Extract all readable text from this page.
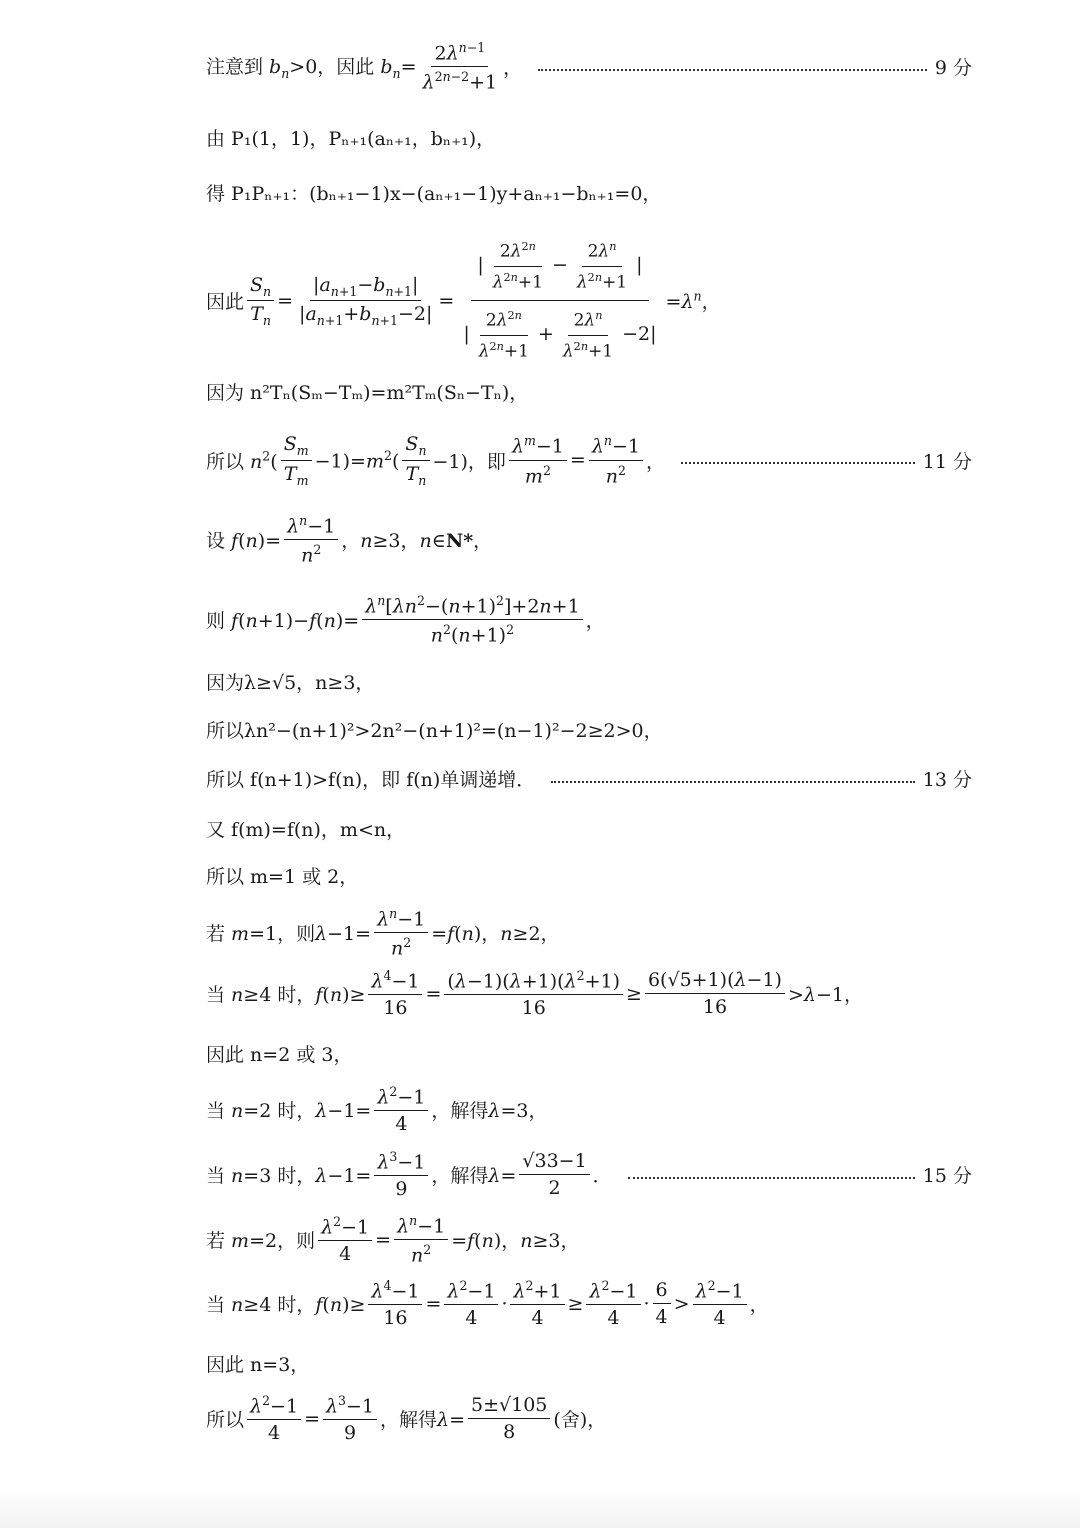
注意到 $b_n>0$，因此 $b_n= \frac{2\lambda^{n-1}}{\lambda^{2n-2}+1}$ ，	9 分
由 P₁(1，1)，Pₙ₊₁(aₙ₊₁，bₙ₊₁)，
得 P₁Pₙ₊₁：(bₙ₊₁−1)x−(aₙ₊₁−1)y+aₙ₊₁−bₙ₊₁=0，
因此 $\frac{S_n}{T_n} = \frac{|a_{n+1}-b_{n+1}|}{|a_{n+1}+b_{n+1}-2|} = \frac{| \frac{2\lambda^{2n}}{\lambda^{2n}+1} - \frac{2\lambda^n}{\lambda^{2n}+1} |}{| \frac{2\lambda^{2n}}{\lambda^{2n}+1} + \frac{2\lambda^n}{\lambda^{2n}+1} -2|} =\lambda^n$，
因为 n²Tₙ(Sₘ−Tₘ)=m²Tₘ(Sₙ−Tₙ)，
所以 $n^2( \frac{S_m}{T_m} -1)=m^2( \frac{S_n}{T_n} -1)$，即 $\frac{\lambda^m-1}{m^2} = \frac{\lambda^n-1}{n^2}$ ，	11 分
设 $f(n)= \frac{\lambda^n-1}{n^2}$ ，n≥3，n∈N*，
则 $f(n+1)-f(n)= \frac{\lambda^n[\lambda n^2-(n+1)^2]+2n+1}{n^2(n+1)^2}$ ，
因为λ≥√5，n≥3，
所以λn²−(n+1)²>2n²−(n+1)²=(n−1)²−2≥2>0，
所以 f(n+1)>f(n)，即 f(n)单调递增．	13 分
又 f(m)=f(n)，m<n，
所以 m=1 或 2，
若 m=1，则$\lambda-1= \frac{\lambda^n-1}{n^2} =f(n)$，n≥2，
当 n≥4 时，$f(n)\ge \frac{\lambda^4-1}{16} = \frac{(\lambda-1)(\lambda+1)(\lambda^2+1)}{16} \ge \frac{6(√5+1)(\lambda-1)}{16} >\lambda-1$，
因此 n=2 或 3，
当 n=2 时，$\lambda-1= \frac{\lambda^2-1}{4}$ ，解得λ=3，
当 n=3 时，$\lambda-1= \frac{\lambda^3-1}{9}$ ，解得$\lambda= \frac{√33-1}{2}$ ．	15 分
若 m=2，则 $\frac{\lambda^2-1}{4} = \frac{\lambda^n-1}{n^2} =f(n)$，n≥3，
当 n≥4 时，$f(n)\ge \frac{\lambda^4-1}{16} = \frac{\lambda^2-1}{4} \cdot \frac{\lambda^2+1}{4} \ge \frac{\lambda^2-1}{4} \cdot \frac{6}{4} > \frac{\lambda^2-1}{4}$ ，
因此 n=3，
所以 $\frac{\lambda^2-1}{4} = \frac{\lambda^3-1}{9}$ ，解得$\lambda= \frac{5\pm√105}{8}$ (舍)，
